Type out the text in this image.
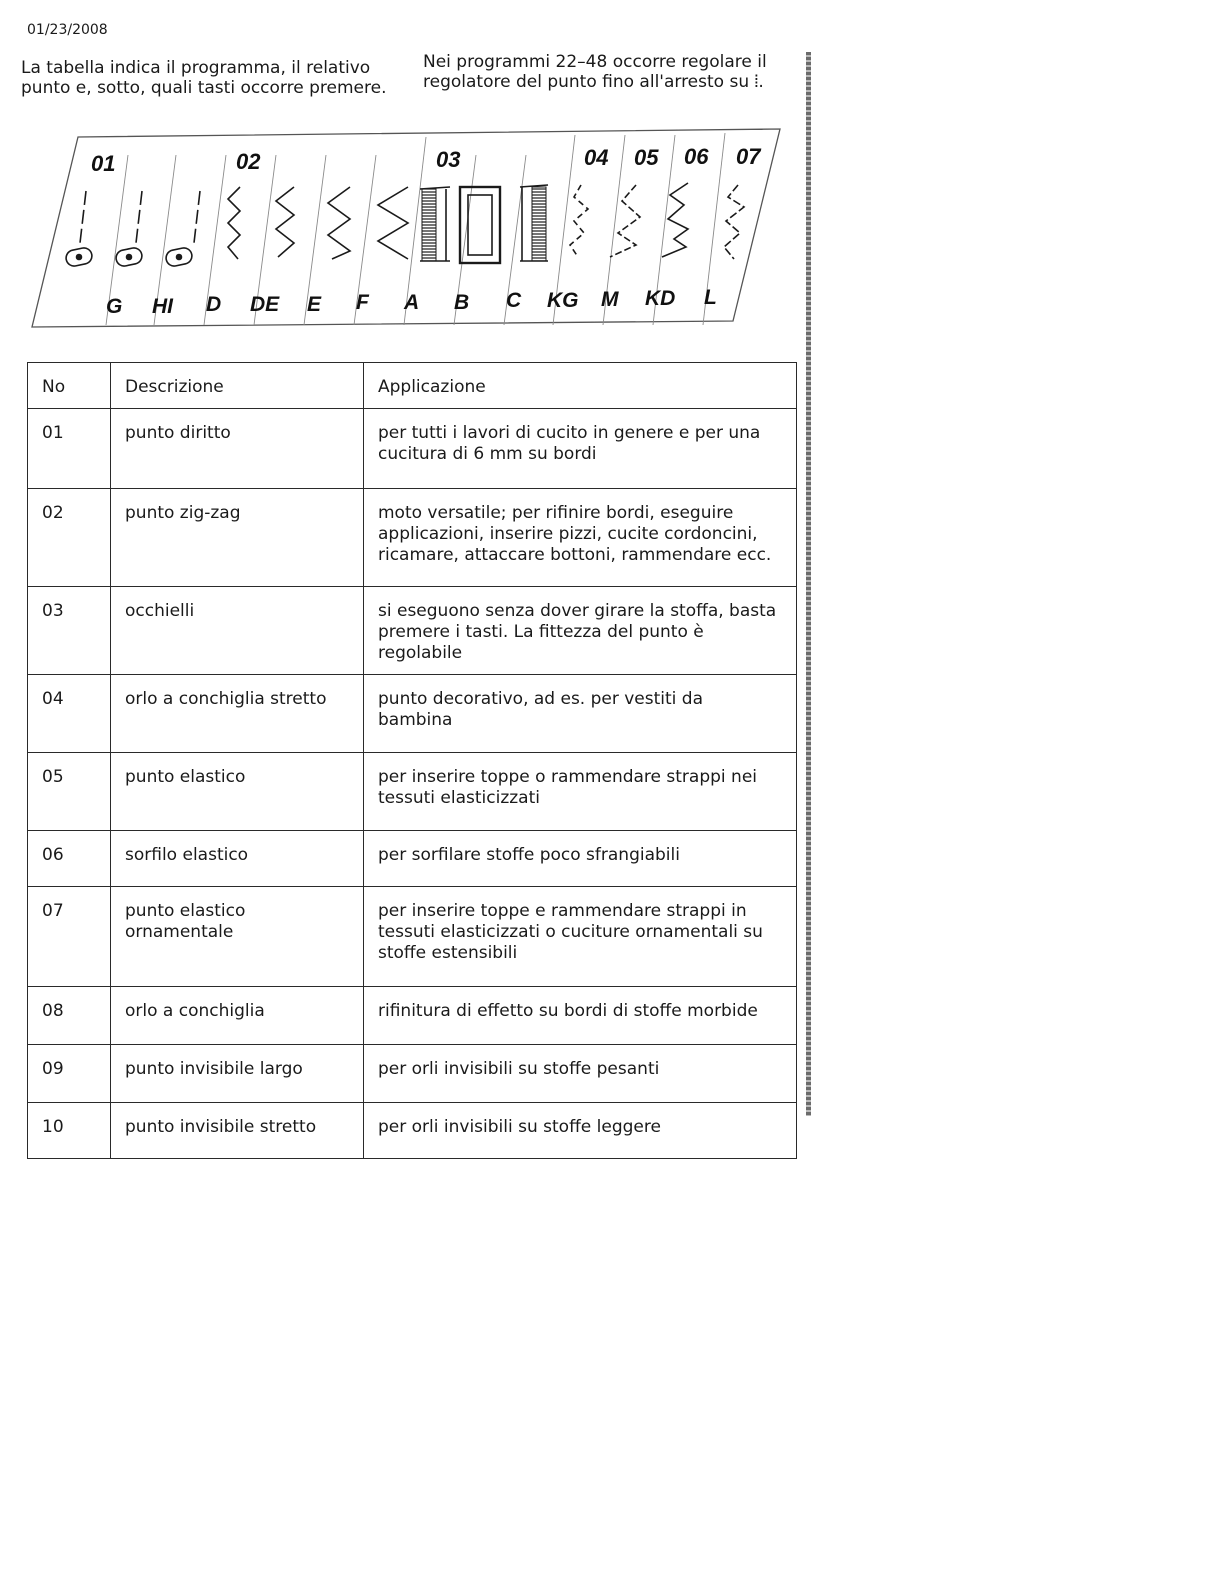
01/23/2008
La tabella indica il programma, il relativo
punto e, sotto, quali tasti occorre premere.
Nei programmi 22–48 occorre regolare il
regolatore del punto fino all'arresto su ⦙.
01	02	03	04 05 06 07
G HI D DE E F A B C KG M KD L
No	Descrizione	Applicazione
01	punto diritto	per tutti i lavori di cucito in genere e per una cucitura di 6 mm su bordi
02	punto zig-zag	moto versatile; per rifinire bordi, eseguire applicazioni, inserire pizzi, cucite cordoncini, ricamare, attaccare bottoni, rammendare ecc.
03	occhielli	si eseguono senza dover girare la stoffa, basta premere i tasti. La fittezza del punto è regolabile
04	orlo a conchiglia stretto	punto decorativo, ad es. per vestiti da bambina
05	punto elastico	per inserire toppe o rammendare strappi nei tessuti elasticizzati
06	sorfilo elastico	per sorfilare stoffe poco sfrangiabili
07	punto elastico ornamentale	per inserire toppe e rammendare strappi in tessuti elasticizzati o cuciture ornamentali su stoffe estensibili
08	orlo a conchiglia	rifinitura di effetto su bordi di stoffe morbide
09	punto invisibile largo	per orli invisibili su stoffe pesanti
10	punto invisibile stretto	per orli invisibili su stoffe leggere
